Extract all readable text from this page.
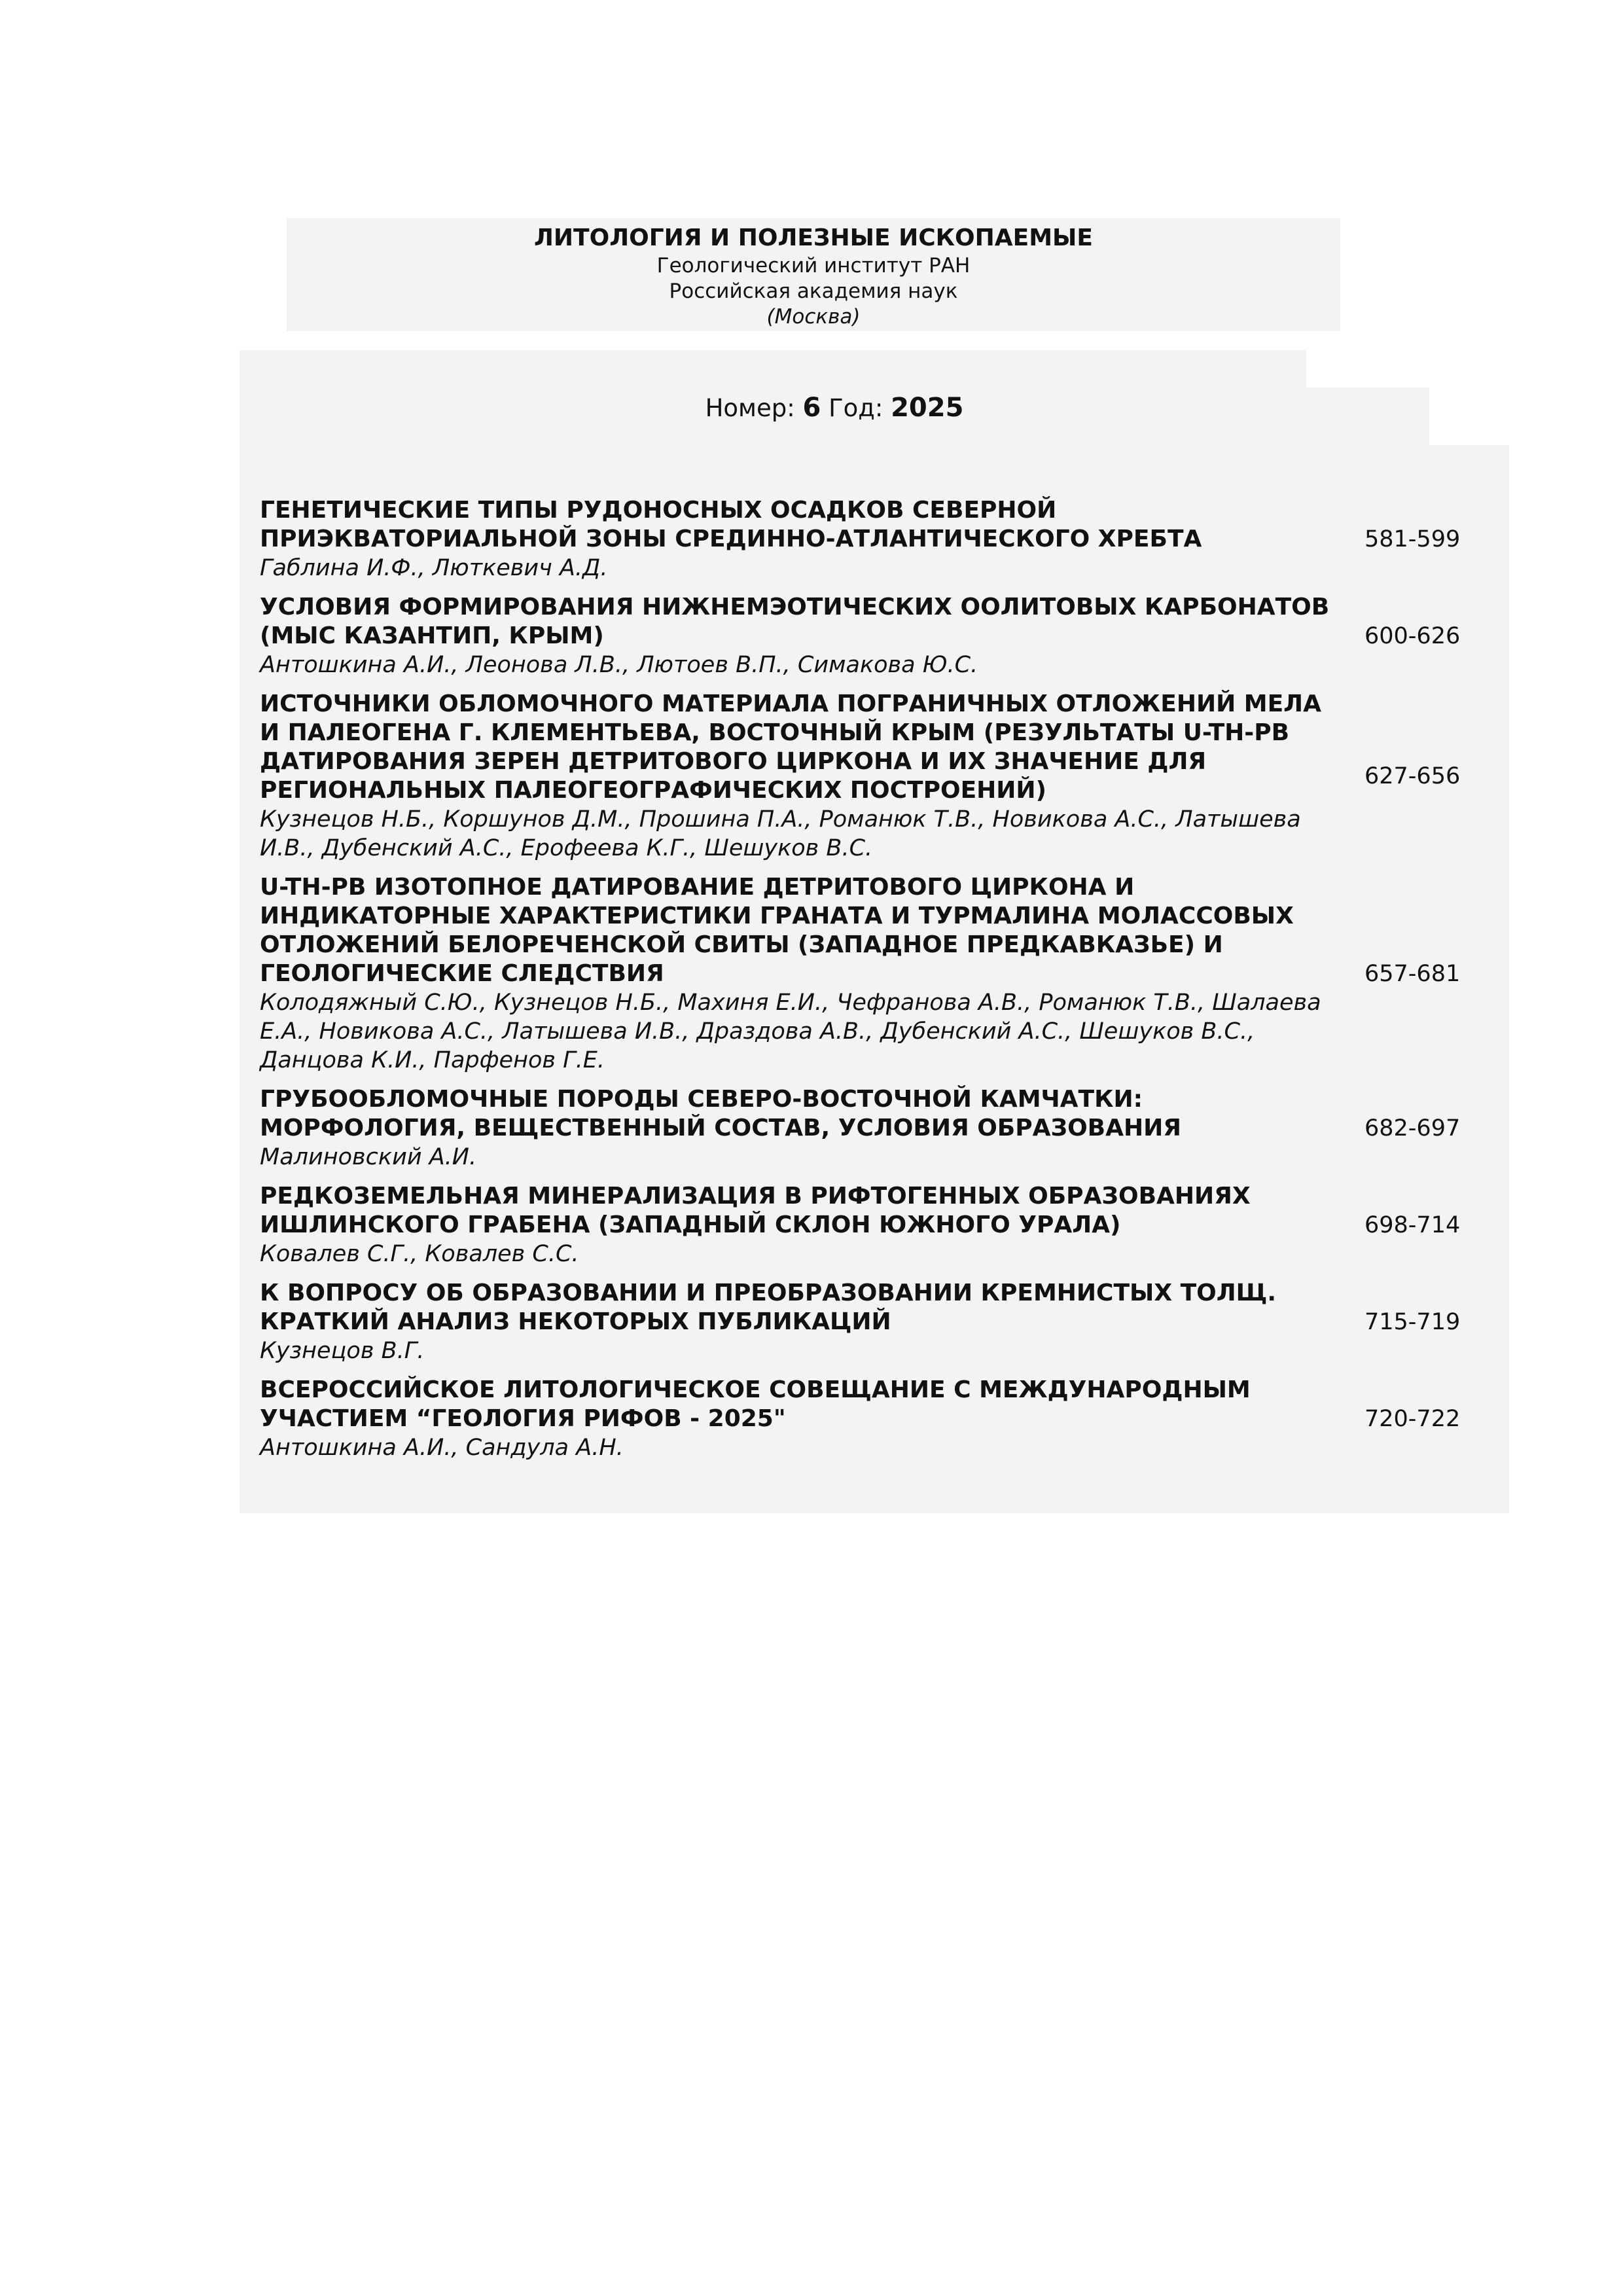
ЛИТОЛОГИЯ И ПОЛЕЗНЫЕ ИСКОПАЕМЫЕ
Геологический институт РАН
Российская академия наук
(Москва)
Номер: 6 Год: 2025
ГЕНЕТИЧЕСКИЕ ТИПЫ РУДОНОСНЫХ ОСАДКОВ СЕВЕРНОЙ ПРИЭКВАТОРИАЛЬНОЙ ЗОНЫ СРЕДИННО-АТЛАНТИЧЕСКОГО ХРЕБТА
Габлина И.Ф., Люткевич А.Д.
581-599
УСЛОВИЯ ФОРМИРОВАНИЯ НИЖНЕМЭОТИЧЕСКИХ ООЛИТОВЫХ КАРБОНАТОВ (МЫС КАЗАНТИП, КРЫМ)
Антошкина А.И., Леонова Л.В., Лютоев В.П., Симакова Ю.С.
600-626
ИСТОЧНИКИ ОБЛОМОЧНОГО МАТЕРИАЛА ПОГРАНИЧНЫХ ОТЛОЖЕНИЙ МЕЛА И ПАЛЕОГЕНА Г. КЛЕМЕНТЬЕВА, ВОСТОЧНЫЙ КРЫМ (РЕЗУЛЬТАТЫ U-TH-PB ДАТИРОВАНИЯ ЗЕРЕН ДЕТРИТОВОГО ЦИРКОНА И ИХ ЗНАЧЕНИЕ ДЛЯ РЕГИОНАЛЬНЫХ ПАЛЕОГЕОГРАФИЧЕСКИХ ПОСТРОЕНИЙ)
Кузнецов Н.Б., Коршунов Д.М., Прошина П.А., Романюк Т.В., Новикова А.С., Латышева И.В., Дубенский А.С., Ерофеева К.Г., Шешуков В.С.
627-656
U-TH-PB ИЗОТОПНОЕ ДАТИРОВАНИЕ ДЕТРИТОВОГО ЦИРКОНА И ИНДИКАТОРНЫЕ ХАРАКТЕРИСТИКИ ГРАНАТА И ТУРМАЛИНА МОЛАССОВЫХ ОТЛОЖЕНИЙ БЕЛОРЕЧЕНСКОЙ СВИТЫ (ЗАПАДНОЕ ПРЕДКАВКАЗЬЕ) И ГЕОЛОГИЧЕСКИЕ СЛЕДСТВИЯ
Колодяжный С.Ю., Кузнецов Н.Б., Махиня Е.И., Чефранова А.В., Романюк Т.В., Шалаева Е.А., Новикова А.С., Латышева И.В., Драздова А.В., Дубенский А.С., Шешуков В.С., Данцова К.И., Парфенов Г.Е.
657-681
ГРУБООБЛОМОЧНЫЕ ПОРОДЫ СЕВЕРО-ВОСТОЧНОЙ КАМЧАТКИ: МОРФОЛОГИЯ, ВЕЩЕСТВЕННЫЙ СОСТАВ, УСЛОВИЯ ОБРАЗОВАНИЯ
Малиновский А.И.
682-697
РЕДКОЗЕМЕЛЬНАЯ МИНЕРАЛИЗАЦИЯ В РИФТОГЕННЫХ ОБРАЗОВАНИЯХ ИШЛИНСКОГО ГРАБЕНА (ЗАПАДНЫЙ СКЛОН ЮЖНОГО УРАЛА)
Ковалев С.Г., Ковалев С.С.
698-714
К ВОПРОСУ ОБ ОБРАЗОВАНИИ И ПРЕОБРАЗОВАНИИ КРЕМНИСТЫХ ТОЛЩ. КРАТКИЙ АНАЛИЗ НЕКОТОРЫХ ПУБЛИКАЦИЙ
Кузнецов В.Г.
715-719
ВСЕРОССИЙСКОЕ ЛИТОЛОГИЧЕСКОЕ СОВЕЩАНИЕ С МЕЖДУНАРОДНЫМ УЧАСТИЕМ “ГЕОЛОГИЯ РИФОВ - 2025"
Антошкина А.И., Сандула А.Н.
720-722
